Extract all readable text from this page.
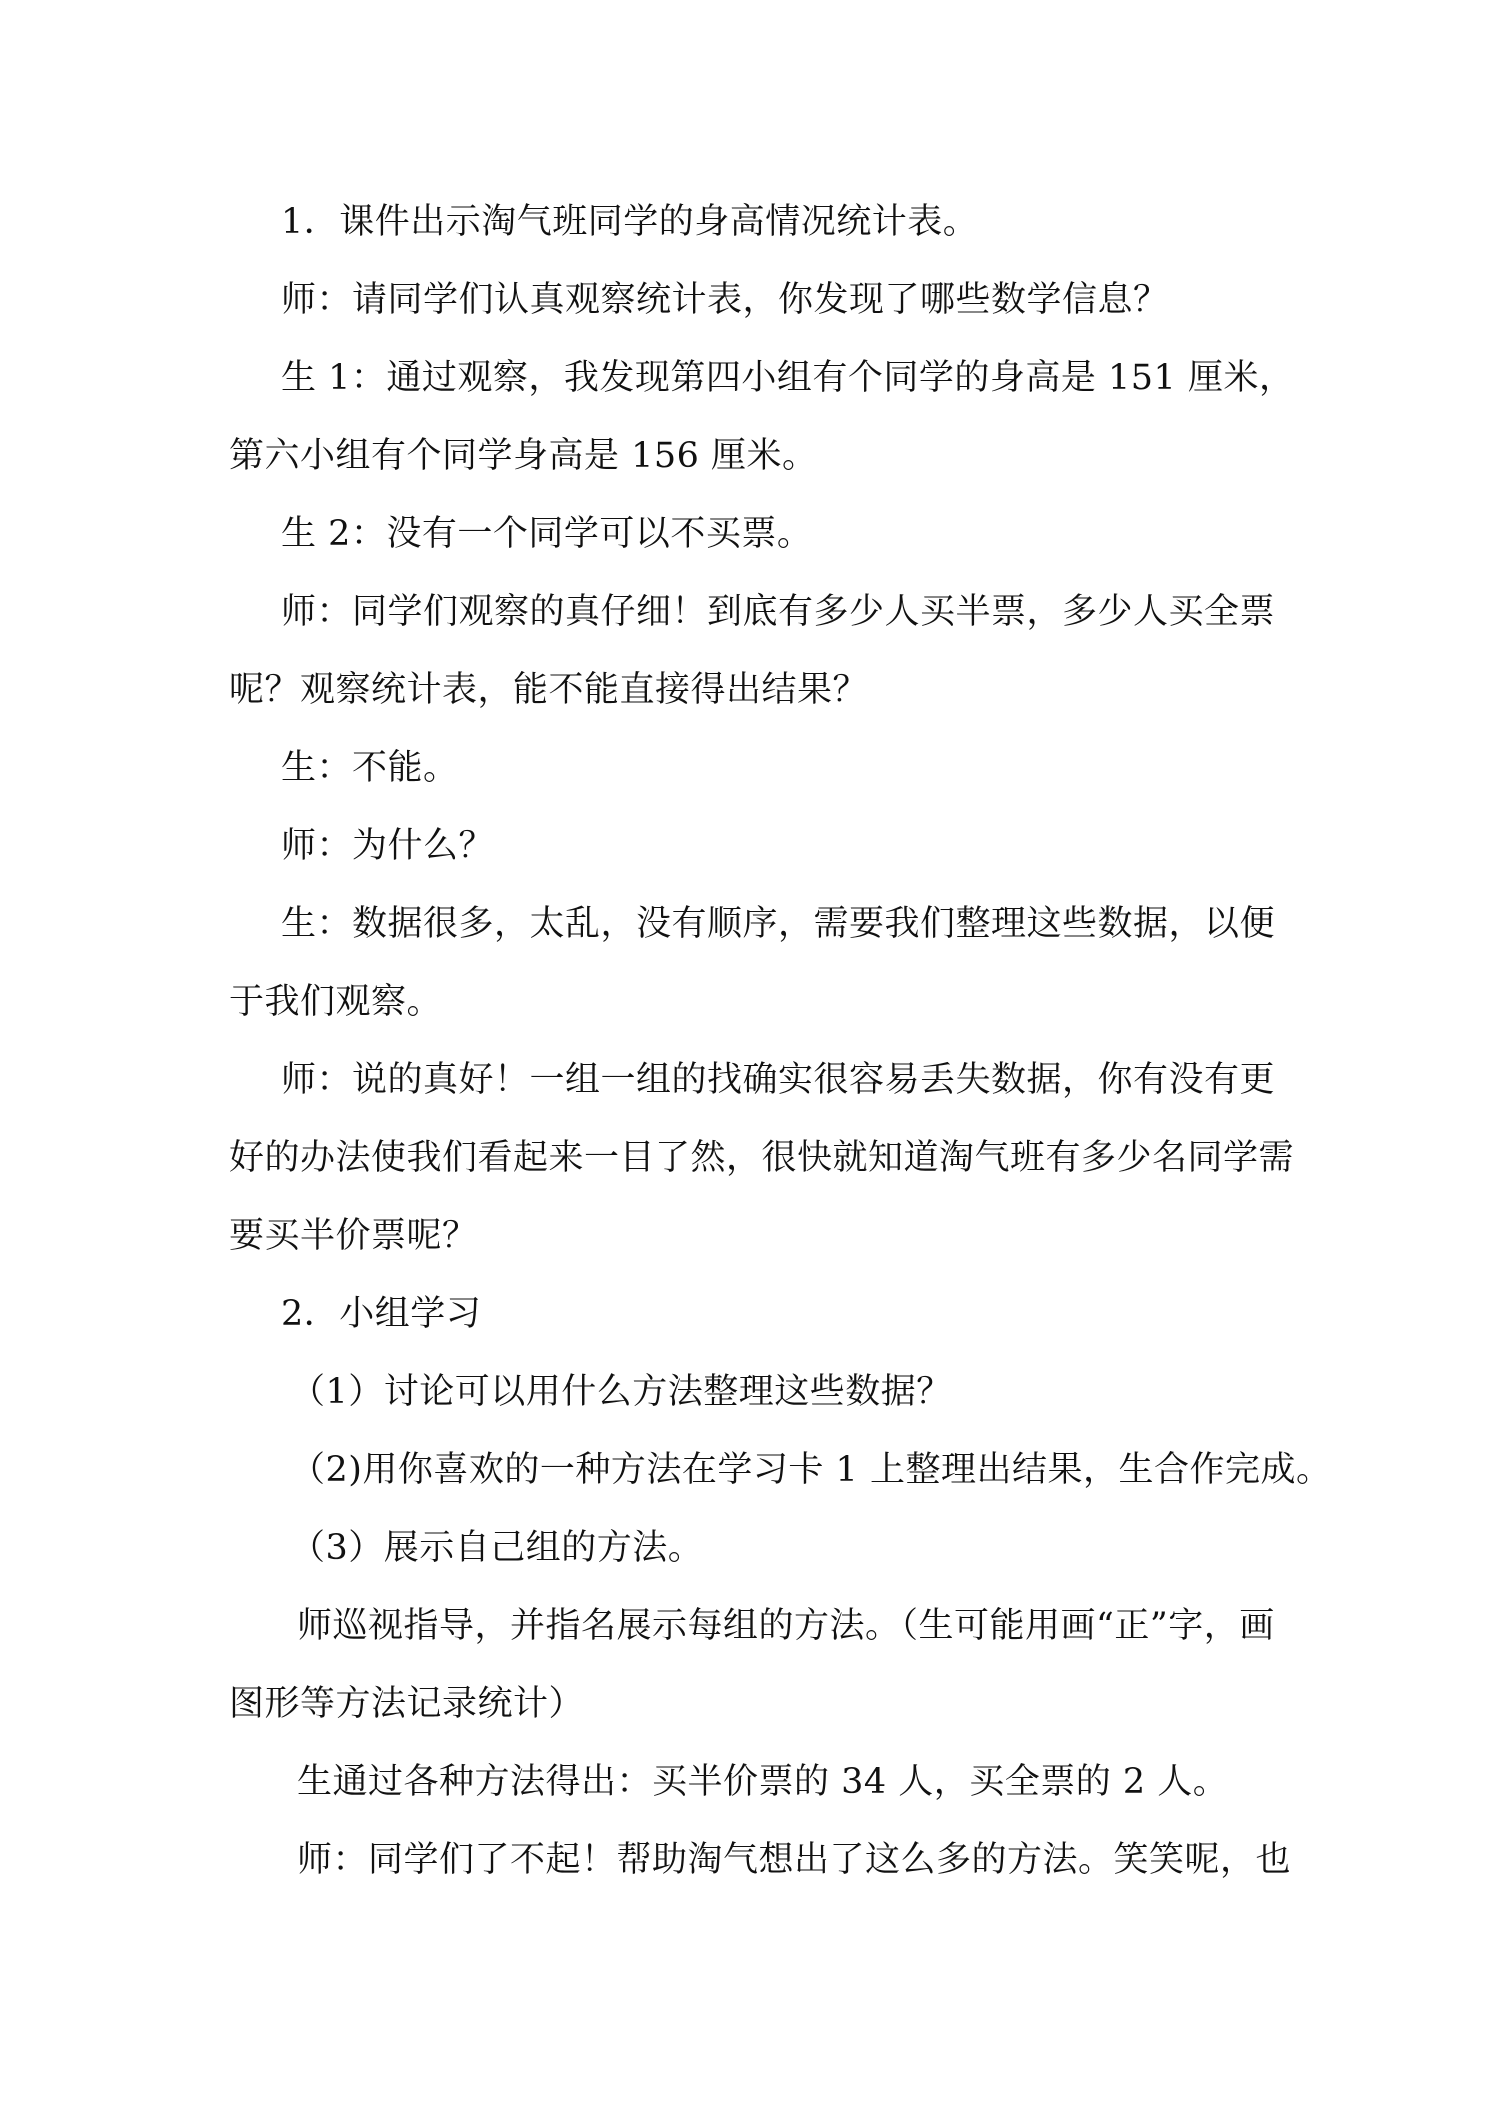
1．课件出示淘气班同学的身高情况统计表。
师：请同学们认真观察统计表，你发现了哪些数学信息？
生 1：通过观察，我发现第四小组有个同学的身高是 151 厘米，
第六小组有个同学身高是 156 厘米。
生 2：没有一个同学可以不买票。
师：同学们观察的真仔细！到底有多少人买半票，多少人买全票
呢？观察统计表，能不能直接得出结果？
生：不能。
师：为什么？
生：数据很多，太乱，没有顺序，需要我们整理这些数据，以便
于我们观察。
师：说的真好！一组一组的找确实很容易丢失数据，你有没有更
好的办法使我们看起来一目了然，很快就知道淘气班有多少名同学需
要买半价票呢？
2．小组学习
（1）讨论可以用什么方法整理这些数据？
（2)用你喜欢的一种方法在学习卡 1 上整理出结果，生合作完成。
（3）展示自己组的方法。
师巡视指导，并指名展示每组的方法。（生可能用画“正”字，画
图形等方法记录统计）
生通过各种方法得出：买半价票的 34 人，买全票的 2 人。
师：同学们了不起！帮助淘气想出了这么多的方法。笑笑呢，也
